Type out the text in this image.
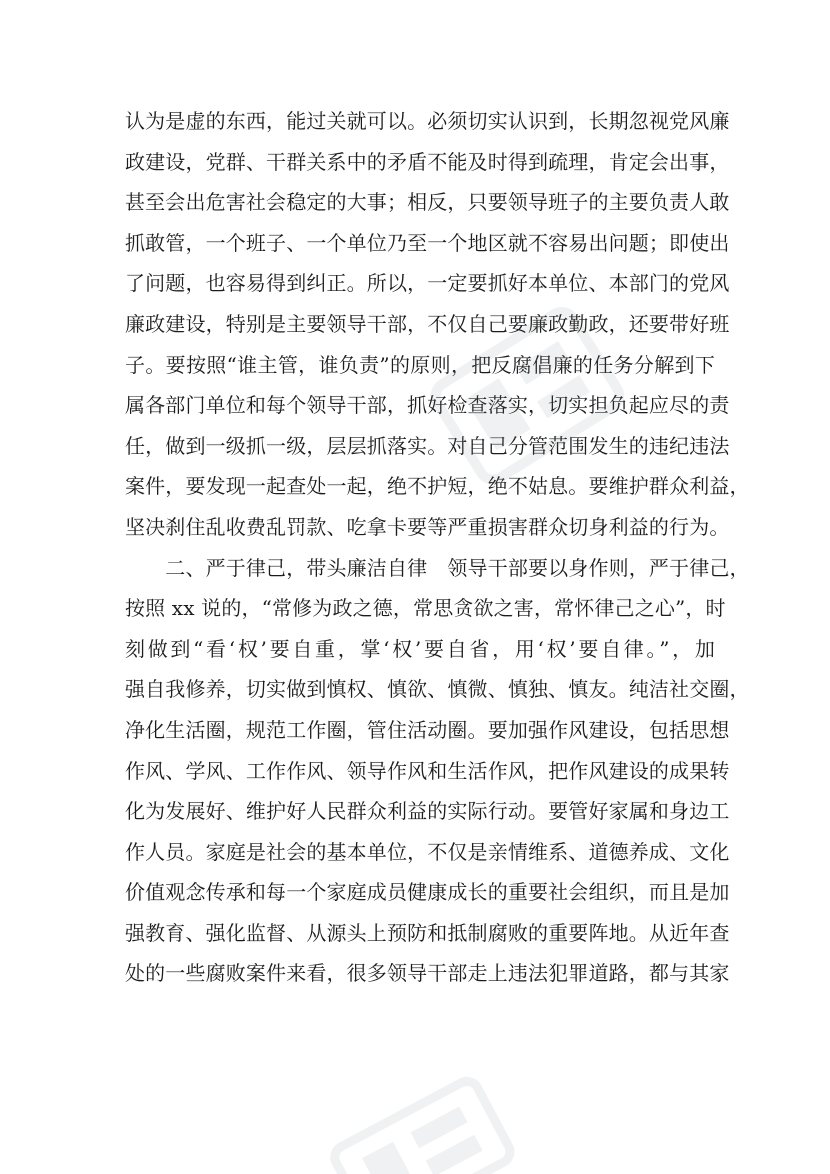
认为是虚的东西，能过关就可以。必须切实认识到，长期忽视党风廉
政建设，党群、干群关系中的矛盾不能及时得到疏理，肯定会出事，
甚至会出危害社会稳定的大事；相反，只要领导班子的主要负责人敢
抓敢管，一个班子、一个单位乃至一个地区就不容易出问题；即使出
了问题，也容易得到纠正。所以，一定要抓好本单位、本部门的党风
廉政建设，特别是主要领导干部，不仅自己要廉政勤政，还要带好班
子。要按照“谁主管，谁负责”的原则，把反腐倡廉的任务分解到下
属各部门单位和每个领导干部，抓好检查落实，切实担负起应尽的责
任，做到一级抓一级，层层抓落实。对自己分管范围发生的违纪违法
案件，要发现一起查处一起，绝不护短，绝不姑息。要维护群众利益，
坚决刹住乱收费乱罚款、吃拿卡要等严重损害群众切身利益的行为。
　　二、严于律己，带头廉洁自律　领导干部要以身作则，严于律己，
按照 xx 说的，“常修为政之德，常思贪欲之害，常怀律己之心”，时
刻做到“看‘权’要自重，掌‘权’要自省，用‘权’要自律。”，加
强自我修养，切实做到慎权、慎欲、慎微、慎独、慎友。纯洁社交圈，
净化生活圈，规范工作圈，管住活动圈。要加强作风建设，包括思想
作风、学风、工作作风、领导作风和生活作风，把作风建设的成果转
化为发展好、维护好人民群众利益的实际行动。要管好家属和身边工
作人员。家庭是社会的基本单位，不仅是亲情维系、道德养成、文化
价值观念传承和每一个家庭成员健康成长的重要社会组织，而且是加
强教育、强化监督、从源头上预防和抵制腐败的重要阵地。从近年查
处的一些腐败案件来看，很多领导干部走上违法犯罪道路，都与其家
